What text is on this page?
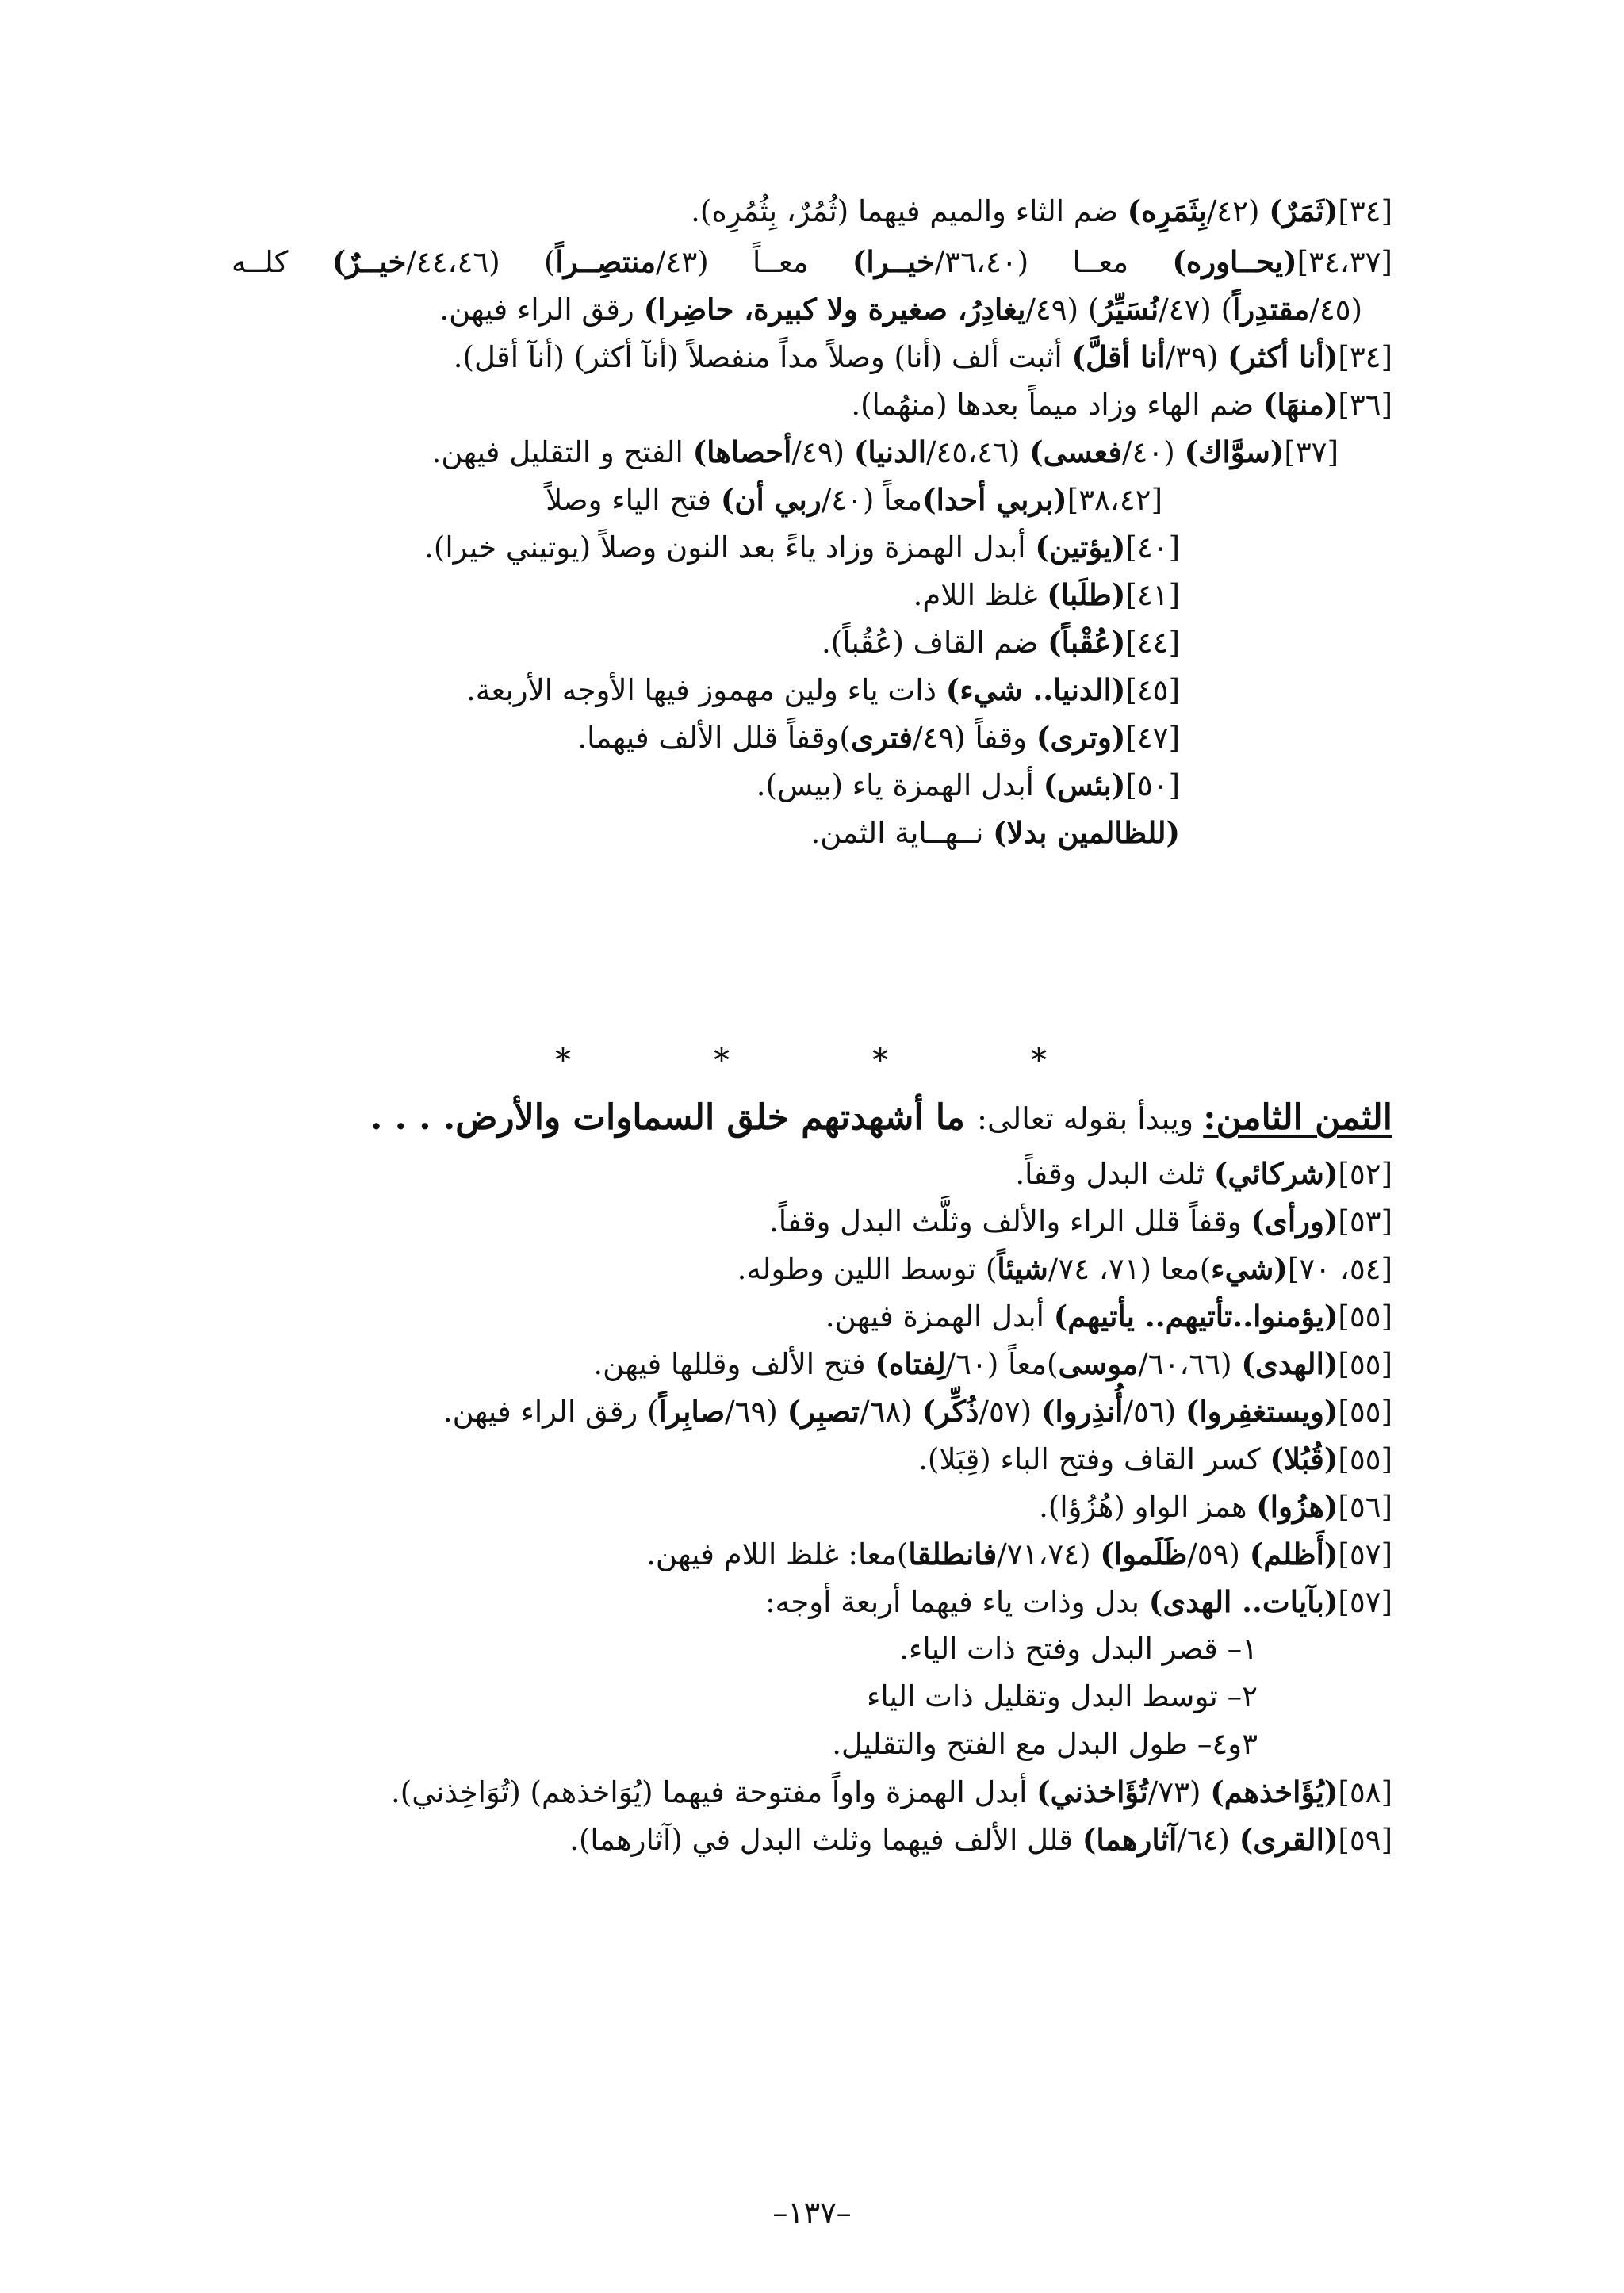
[٣٤](ثَمَرٌ) (٤٢/بِثَمَرِه) ضم الثاء والميم فيهما (ثُمُرٌ، بِثُمُرِه).
[٣٤،٣٧](يحــاوره) معــا (٣٦،٤٠/خيــرا) معــاً (٤٣/منتصِــراً) (٤٤،٤٦/خيــرٌ) كلــه
(٤٥/مقتدِراً) (٤٧/نُسَيِّرُ) (٤٩/يغادِرُ، صغيرة ولا كبيرة، حاضِرا) رقق الراء فيهن.
[٣٤](أنا أكثر) (٣٩/أنا أقلَّ) أثبت ألف (أنا) وصلاً مداً منفصلاً (أنآ أكثر) (أنآ أقل).
[٣٦](منهَا) ضم الهاء وزاد ميماً بعدها (منهُما).
[٣٧](سوَّاك) (٤٠/فعسى) (٤٥،٤٦/الدنيا) (٤٩/أحصاها) الفتح و التقليل فيهن.
[٣٨،٤٢](بربي أحدا)معاً (٤٠/ربي أن) فتح الياء وصلاً
[٤٠](يؤتين) أبدل الهمزة وزاد ياءً بعد النون وصلاً (يوتيني خيرا).
[٤١](طلَبا) غلظ اللام.
[٤٤](عُقْباً) ضم القاف (عُقُباً).
[٤٥](الدنيا.. شيء) ذات ياء ولين مهموز فيها الأوجه الأربعة.
[٤٧](وترى) وقفاً (٤٩/فترى)وقفاً قلل الألف فيهما.
[٥٠](بئس) أبدل الهمزة ياء (بيس).
(للظالمين بدلا) نــهــاية الثمن.
[٥٢](شركائي) ثلث البدل وقفاً.
[٥٣](ورأى) وقفاً قلل الراء والألف وثلَّث البدل وقفاً.
[٥٤، ٧٠](شيء)معا (٧١، ٧٤/شيئاً) توسط اللين وطوله.
[٥٥](يؤمنوا..تأتيهم.. يأتيهم) أبدل الهمزة فيهن.
[٥٥](الهدى) (٦٠،٦٦/موسى)معاً (٦٠/لِفتاه) فتح الألف وقللها فيهن.
[٥٥](ويستغفِروا) (٥٦/أُنذِروا) (٥٧/ذُكِّر) (٦٨/تصبِر) (٦٩/صابِراً) رقق الراء فيهن.
[٥٥](قُبُلا) كسر القاف وفتح الباء (قِبَلا).
[٥٦](هزُوا) همز الواو (هُزُؤا).
[٥٧](أَظلم) (٥٩/ظَلَموا) (٧١،٧٤/فانطلقا)معا: غلظ اللام فيهن.
[٥٧](بآيات.. الهدى) بدل وذات ياء فيهما أربعة أوجه:
١– قصر البدل وفتح ذات الياء.
٢– توسط البدل وتقليل ذات الياء
٣و٤– طول البدل مع الفتح والتقليل.
[٥٨](يُؤَاخذهم) (٧٣/تُؤَاخذني) أبدل الهمزة واواً مفتوحة فيهما (يُوَاخذهم) (تُوَاخِذني).
[٥٩](القرى) (٦٤/آثارهما) قلل الألف فيهما وثلث البدل في (آثارهما).
*	*	*	*
الثمن الثامن: ويبدأ بقوله تعالى: ما أشهدتهم خلق السماوات والأرض. . . .
–١٣٧–
